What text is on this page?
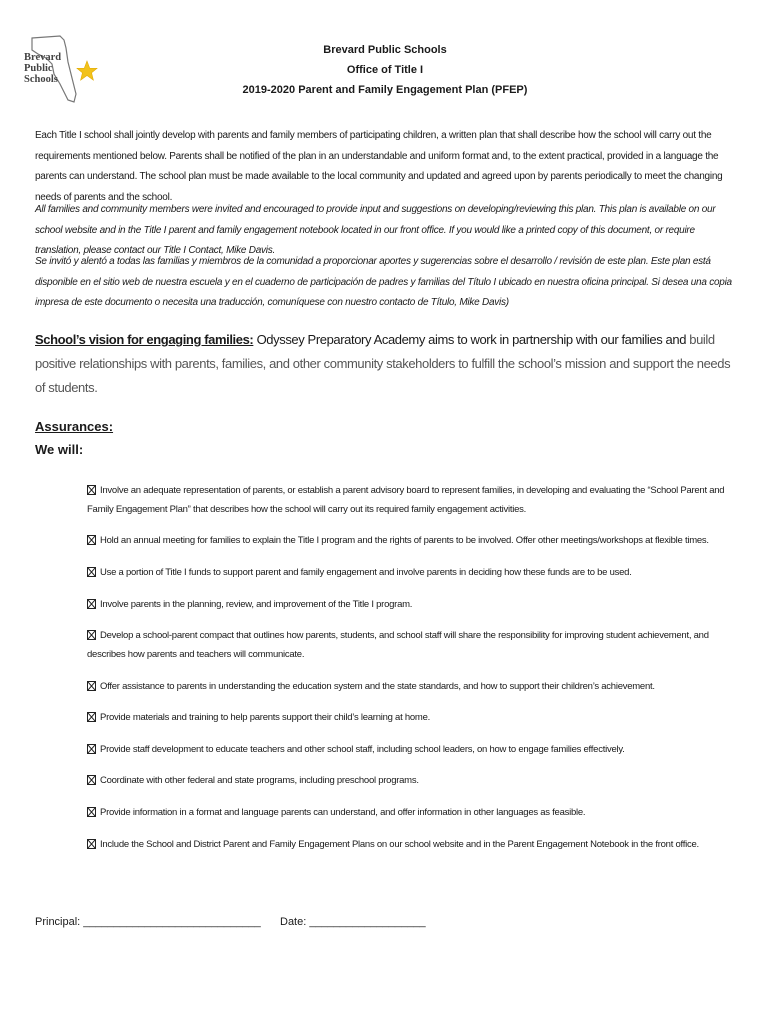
Brevard
Public
Schools
Brevard Public Schools
Office of Title I
2019-2020 Parent and Family Engagement Plan (PFEP)

Each Title I school shall jointly develop with parents and family members of participating children, a written plan that shall describe how the school will carry out the requirements mentioned below. Parents shall be notified of the plan in an understandable and uniform format and, to the extent practical, provided in a language the parents can understand. The school plan must be made available to the local community and updated and agreed upon by parents periodically to meet the changing needs of parents and the school.

All families and community members were invited and encouraged to provide input and suggestions on developing/reviewing this plan. This plan is available on our school website and in the Title I parent and family engagement notebook located in our front office. If you would like a printed copy of this document, or require translation, please contact our Title I Contact, Mike Davis.

Se invitó y alentó a todas las familias y miembros de la comunidad a proporcionar aportes y sugerencias sobre el desarrollo / revisión de este plan. Este plan está disponible en el sitio web de nuestra escuela y en el cuaderno de participación de padres y familias del Título I ubicado en nuestra oficina principal. Si desea una copia impresa de este documento o necesita una traducción, comuníquese con nuestro contacto de Título, Mike Davis)

School’s vision for engaging families: Odyssey Preparatory Academy aims to work in partnership with our families and build positive relationships with parents, families, and other community stakeholders to fulfill the school’s mission and support the needs of students.

Assurances:
We will:
Involve an adequate representation of parents, or establish a parent advisory board to represent families, in developing and evaluating the “School Parent and Family Engagement Plan” that describes how the school will carry out its required family engagement activities.
Hold an annual meeting for families to explain the Title I program and the rights of parents to be involved. Offer other meetings/workshops at flexible times.
Use a portion of Title I funds to support parent and family engagement and involve parents in deciding how these funds are to be used.
Involve parents in the planning, review, and improvement of the Title I program.
Develop a school-parent compact that outlines how parents, students, and school staff will share the responsibility for improving student achievement, and describes how parents and teachers will communicate.
Offer assistance to parents in understanding the education system and the state standards, and how to support their children’s achievement.
Provide materials and training to help parents support their child’s learning at home.
Provide staff development to educate teachers and other school staff, including school leaders, on how to engage families effectively.
Coordinate with other federal and state programs, including preschool programs.
Provide information in a format and language parents can understand, and offer information in other languages as feasible.
Include the School and District Parent and Family Engagement Plans on our school website and in the Parent Engagement Notebook in the front office.
Principal: _____________________________ Date: ___________________
